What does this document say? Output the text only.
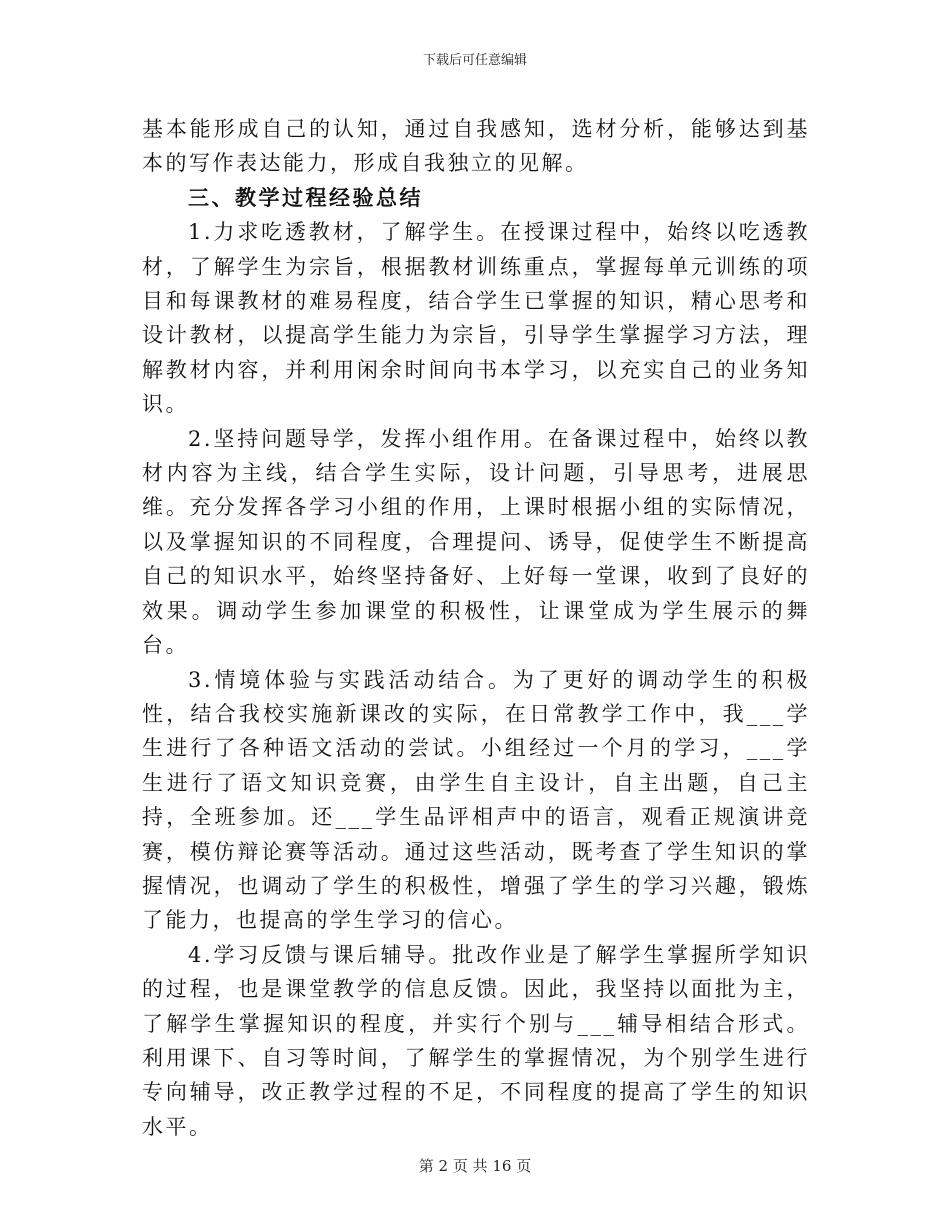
下载后可任意编辑

基本能形成自己的认知，通过自我感知，选材分析，能够达到基本的写作表达能力，形成自我独立的见解。

三、教学过程经验总结

1.力求吃透教材，了解学生。在授课过程中，始终以吃透教材，了解学生为宗旨，根据教材训练重点，掌握每单元训练的项目和每课教材的难易程度，结合学生已掌握的知识，精心思考和设计教材，以提高学生能力为宗旨，引导学生掌握学习方法，理解教材内容，并利用闲余时间向书本学习，以充实自己的业务知识。

2.坚持问题导学，发挥小组作用。在备课过程中，始终以教材内容为主线，结合学生实际，设计问题，引导思考，进展思维。充分发挥各学习小组的作用，上课时根据小组的实际情况，以及掌握知识的不同程度，合理提问、诱导，促使学生不断提高自己的知识水平，始终坚持备好、上好每一堂课，收到了良好的效果。调动学生参加课堂的积极性，让课堂成为学生展示的舞台。

3.情境体验与实践活动结合。为了更好的调动学生的积极性，结合我校实施新课改的实际，在日常教学工作中，我___学生进行了各种语文活动的尝试。小组经过一个月的学习，___学生进行了语文知识竞赛，由学生自主设计，自主出题，自己主持，全班参加。还___学生品评相声中的语言，观看正规演讲竞赛，模仿辩论赛等活动。通过这些活动，既考查了学生知识的掌握情况，也调动了学生的积极性，增强了学生的学习兴趣，锻炼了能力，也提高的学生学习的信心。

4.学习反馈与课后辅导。批改作业是了解学生掌握所学知识的过程，也是课堂教学的信息反馈。因此，我坚持以面批为主，了解学生掌握知识的程度，并实行个别与___辅导相结合形式。利用课下、自习等时间，了解学生的掌握情况，为个别学生进行专向辅导，改正教学过程的不足，不同程度的提高了学生的知识水平。

第 2 页 共 16 页
